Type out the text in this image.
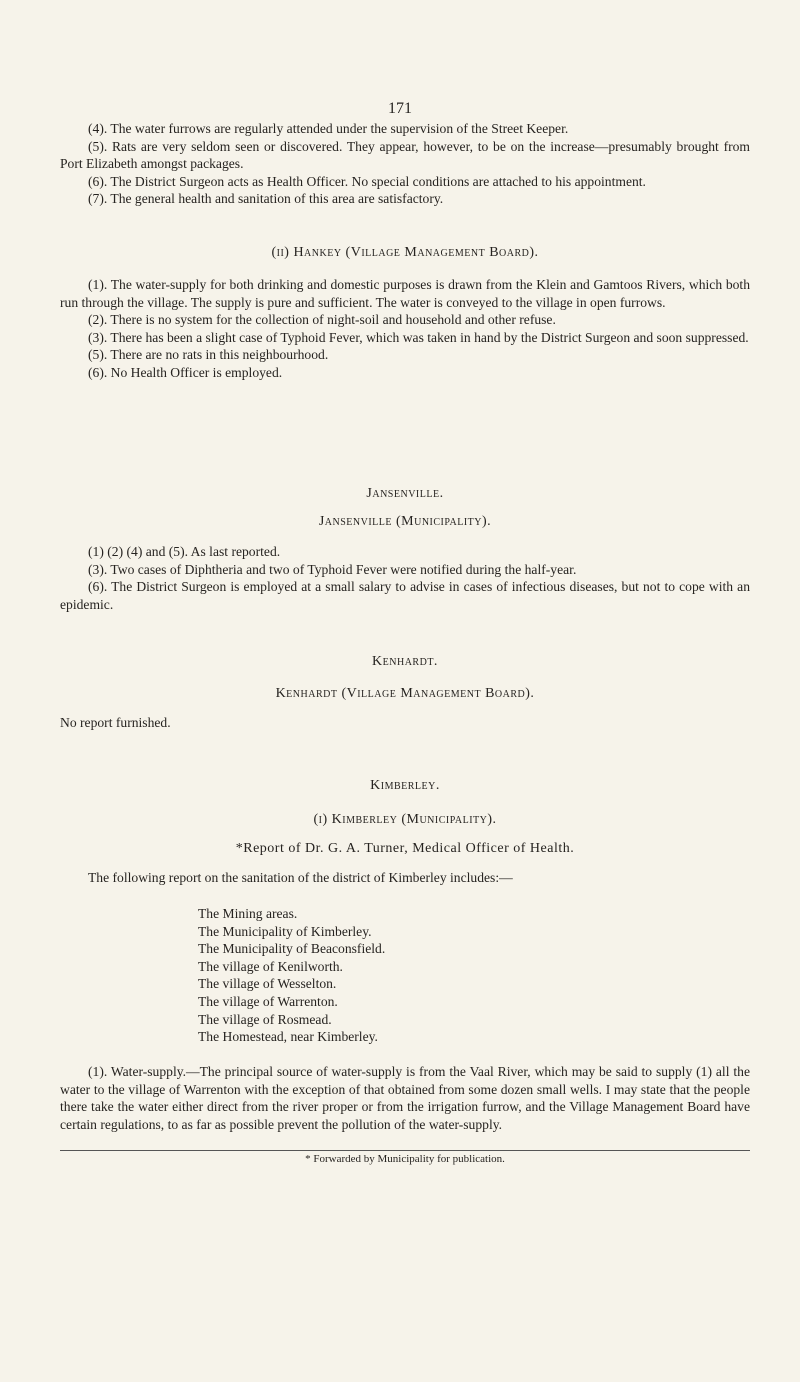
171

(4). The water furrows are regularly attended under the supervision of the Street Keeper.

(5). Rats are very seldom seen or discovered. They appear, however, to be on the increase—presumably brought from Port Elizabeth amongst packages.

(6). The District Surgeon acts as Health Officer. No special conditions are attached to his appointment.

(7). The general health and sanitation of this area are satisfactory.

(ii) Hankey (Village Management Board).

(1). The water-supply for both drinking and domestic purposes is drawn from the Klein and Gamtoos Rivers, which both run through the village. The supply is pure and sufficient. The water is conveyed to the village in open furrows.

(2). There is no system for the collection of night-soil and household and other refuse.

(3). There has been a slight case of Typhoid Fever, which was taken in hand by the District Surgeon and soon suppressed.

(5). There are no rats in this neighbourhood.

(6). No Health Officer is employed.

Jansenville.
Jansenville (Municipality).

(1) (2) (4) and (5). As last reported.

(3). Two cases of Diphtheria and two of Typhoid Fever were notified during the half-year.

(6). The District Surgeon is employed at a small salary to advise in cases of infectious diseases, but not to cope with an epidemic.

Kenhardt.
Kenhardt (Village Management Board).

No report furnished.

Kimberley.
(i) Kimberley (Municipality).
*Report of Dr. G. A. Turner, Medical Officer of Health.

The following report on the sanitation of the district of Kimberley includes:—

The Mining areas.
The Municipality of Kimberley.
The Municipality of Beaconsfield.
The village of Kenilworth.
The village of Wesselton.
The village of Warrenton.
The village of Rosmead.
The Homestead, near Kimberley.

(1). Water-supply.—The principal source of water-supply is from the Vaal River, which may be said to supply (1) all the water to the village of Warrenton with the exception of that obtained from some dozen small wells. I may state that the people there take the water either direct from the river proper or from the irrigation furrow, and the Village Management Board have certain regulations, to as far as possible prevent the pollution of the water-supply.

* Forwarded by Municipality for publication.
